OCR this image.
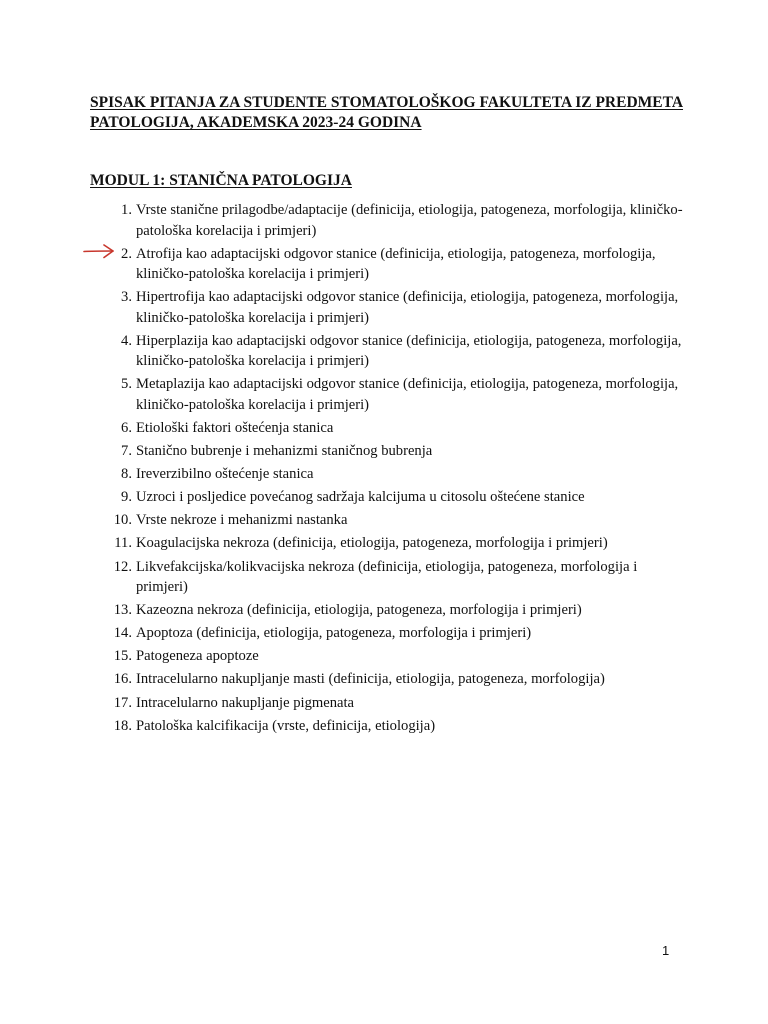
SPISAK PITANJA ZA STUDENTE STOMATOLOŠKOG FAKULTETA IZ PREDMETA
PATOLOGIJA, AKADEMSKA 2023-24 GODINA
MODUL 1: STANIČNA PATOLOGIJA
1. Vrste stanične prilagodbe/adaptacije (definicija, etiologija, patogeneza, morfologija, kliničko-patološka korelacija i primjeri)
2. Atrofija kao adaptacijski odgovor stanice (definicija, etiologija, patogeneza, morfologija, kliničko-patološka korelacija i primjeri)
3. Hipertrofija kao adaptacijski odgovor stanice (definicija, etiologija, patogeneza, morfologija, kliničko-patološka korelacija i primjeri)
4. Hiperplazija kao adaptacijski odgovor stanice (definicija, etiologija, patogeneza, morfologija, kliničko-patološka korelacija i primjeri)
5. Metaplazija kao adaptacijski odgovor stanice (definicija, etiologija, patogeneza, morfologija, kliničko-patološka korelacija i primjeri)
6. Etiološki faktori oštećenja stanica
7. Stanično bubrenje i mehanizmi staničnog bubrenja
8. Ireverzibilno oštećenje stanica
9. Uzroci i posljedice povećanog sadržaja kalcijuma u citosolu oštećene stanice
10. Vrste nekroze i mehanizmi nastanka
11. Koagulacijska nekroza (definicija, etiologija, patogeneza, morfologija i primjeri)
12. Likvefakcijska/kolikvacijska nekroza (definicija, etiologija, patogeneza, morfologija i primjeri)
13. Kazeozna nekroza (definicija, etiologija, patogeneza, morfologija i primjeri)
14. Apoptoza (definicija, etiologija, patogeneza, morfologija i primjeri)
15. Patogeneza apoptoze
16. Intracelularno nakupljanje masti (definicija, etiologija, patogeneza, morfologija)
17. Intracelularno nakupljanje pigmenata
18. Patološka kalcifikacija (vrste, definicija, etiologija)
1
